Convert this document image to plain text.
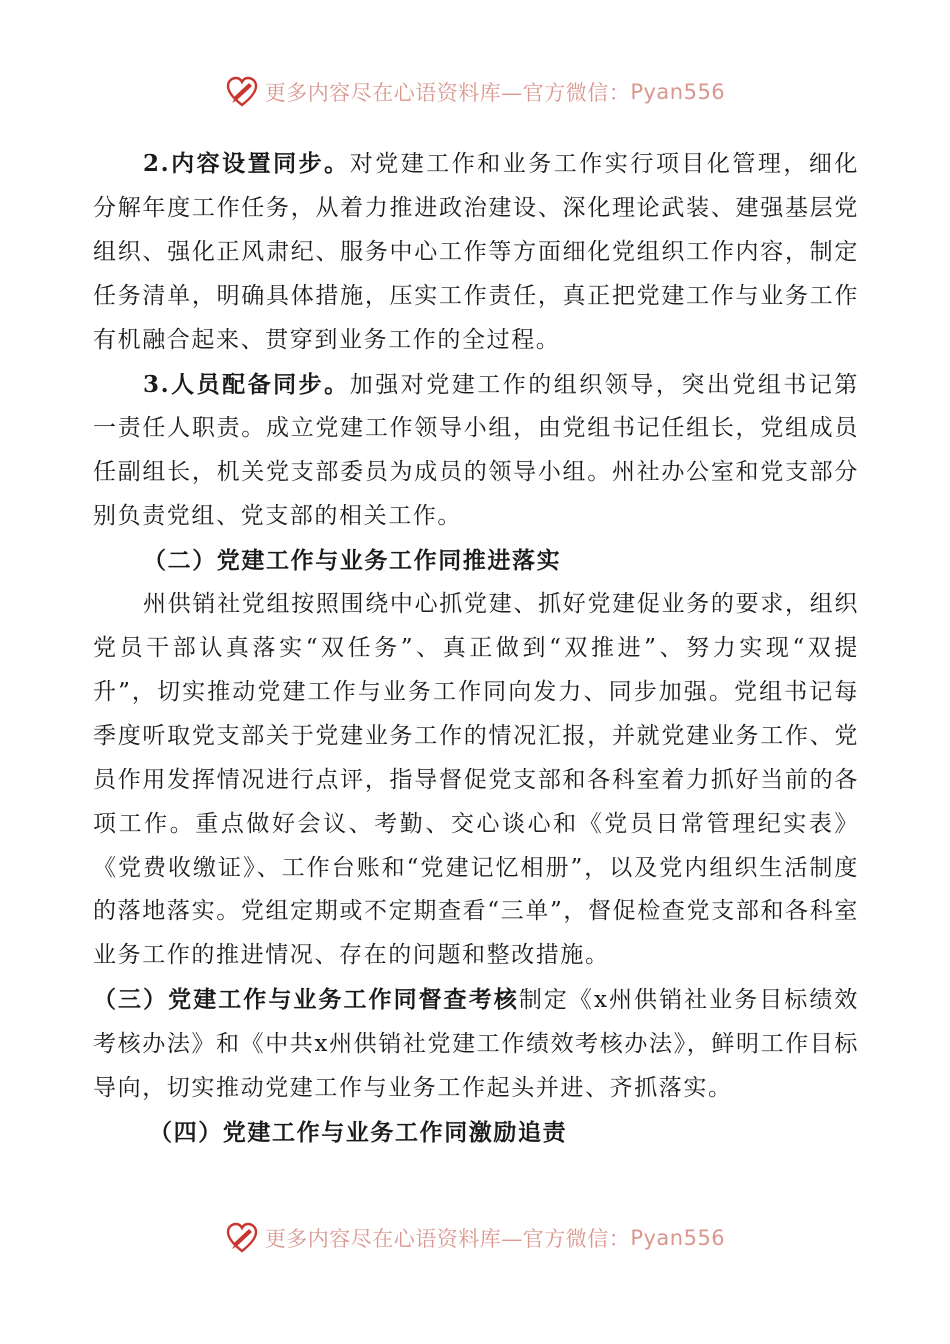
更多内容尽在心语资料库—官方微信： Pyan556

2.内容设置同步。对党建工作和业务工作实行项目化管理，细化分解年度工作任务，从着力推进政治建设、深化理论武装、建强基层党组织、强化正风肃纪、服务中心工作等方面细化党组织工作内容，制定任务清单，明确具体措施，压实工作责任，真正把党建工作与业务工作有机融合起来、贯穿到业务工作的全过程。

3.人员配备同步。加强对党建工作的组织领导，突出党组书记第一责任人职责。成立党建工作领导小组，由党组书记任组长，党组成员任副组长，机关党支部委员为成员的领导小组。州社办公室和党支部分别负责党组、党支部的相关工作。

（二）党建工作与业务工作同推进落实

州供销社党组按照围绕中心抓党建、抓好党建促业务的要求，组织党员干部认真落实“双任务”、真正做到“双推进”、努力实现“双提升”，切实推动党建工作与业务工作同向发力、同步加强。党组书记每季度听取党支部关于党建业务工作的情况汇报，并就党建业务工作、党员作用发挥情况进行点评，指导督促党支部和各科室着力抓好当前的各项工作。重点做好会议、考勤、交心谈心和《党员日常管理纪实表》《党费收缴证》、工作台账和“党建记忆相册”，以及党内组织生活制度的落地落实。党组定期或不定期查看“三单”，督促检查党支部和各科室业务工作的推进情况、存在的问题和整改措施。

（三）党建工作与业务工作同督查考核制定《x州供销社业务目标绩效考核办法》和《中共x州供销社党建工作绩效考核办法》，鲜明工作目标导向，切实推动党建工作与业务工作起头并进、齐抓落实。

（四）党建工作与业务工作同激励追责

更多内容尽在心语资料库—官方微信： Pyan556
